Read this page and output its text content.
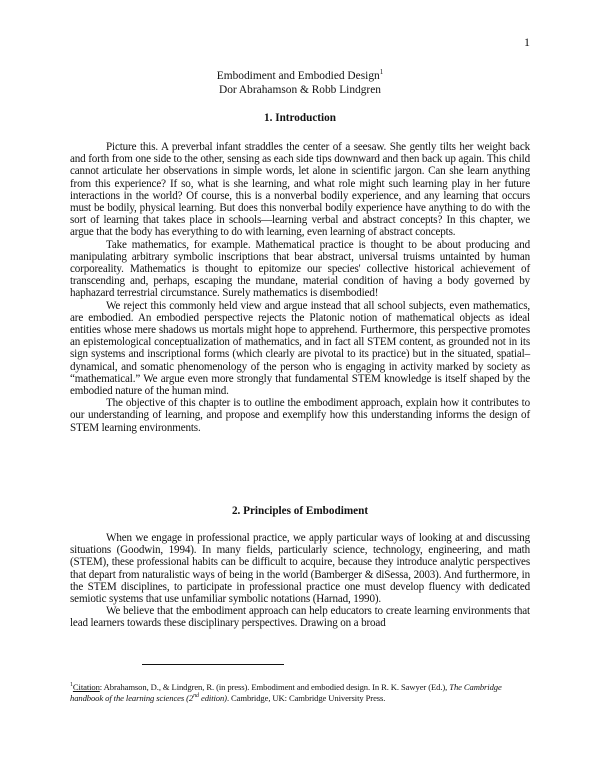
1
Embodiment and Embodied Design$^1$
Dor Abrahamson & Robb Lindgren
1. Introduction

Picture this. A preverbal infant straddles the center of a seesaw. She gently tilts her weight back and forth from one side to the other, sensing as each side tips downward and then back up again. This child cannot articulate her observations in simple words, let alone in scientific jargon. Can she learn anything from this experience? If so, what is she learning, and what role might such learning play in her future interactions in the world? Of course, this is a nonverbal bodily experience, and any learning that occurs must be bodily, physical learning. But does this nonverbal bodily experience have anything to do with the sort of learning that takes place in schools—learning verbal and abstract concepts? In this chapter, we argue that the body has everything to do with learning, even learning of abstract concepts.

Take mathematics, for example. Mathematical practice is thought to be about producing and manipulating arbitrary symbolic inscriptions that bear abstract, universal truisms untainted by human corporeality. Mathematics is thought to epitomize our species' collective historical achievement of transcending and, perhaps, escaping the mundane, material condition of having a body governed by haphazard terrestrial circumstance. Surely mathematics is disembodied!

We reject this commonly held view and argue instead that all school subjects, even mathematics, are embodied. An embodied perspective rejects the Platonic notion of mathematical objects as ideal entities whose mere shadows us mortals might hope to apprehend. Furthermore, this perspective promotes an epistemological conceptualization of mathematics, and in fact all STEM content, as grounded not in its sign systems and inscriptional forms (which clearly are pivotal to its practice) but in the situated, spatial–dynamical, and somatic phenomenology of the person who is engaging in activity marked by society as “mathematical.” We argue even more strongly that fundamental STEM knowledge is itself shaped by the embodied nature of the human mind.

The objective of this chapter is to outline the embodiment approach, explain how it contributes to our understanding of learning, and propose and exemplify how this understanding informs the design of STEM learning environments.

2. Principles of Embodiment

When we engage in professional practice, we apply particular ways of looking at and discussing situations (Goodwin, 1994). In many fields, particularly science, technology, engineering, and math (STEM), these professional habits can be difficult to acquire, because they introduce analytic perspectives that depart from naturalistic ways of being in the world (Bamberger & diSessa, 2003). And furthermore, in the STEM disciplines, to participate in professional practice one must develop fluency with dedicated semiotic systems that use unfamiliar symbolic notations (Harnad, 1990).

We believe that the embodiment approach can help educators to create learning environments that lead learners towards these disciplinary perspectives. Drawing on a broad

$^1$Citation: Abrahamson, D., & Lindgren, R. (in press). Embodiment and embodied design. In R. K. Sawyer (Ed.), The Cambridge handbook of the learning sciences (2nd edition). Cambridge, UK: Cambridge University Press.
